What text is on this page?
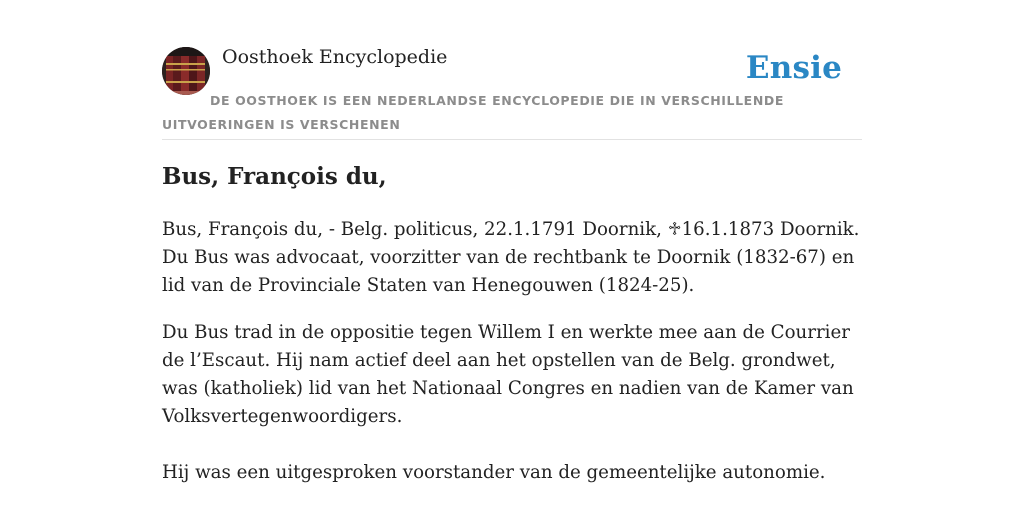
Oosthoek Encyclopedie	Ensie
DE OOSTHOEK IS EEN NEDERLANDSE ENCYCLOPEDIE DIE IN VERSCHILLENDE UITVOERINGEN IS VERSCHENEN
Bus, François du,

Bus, François du, - Belg. politicus, 22.1.1791 Doornik, ♱16.1.1873 Doornik. Du Bus was advocaat, voorzitter van de rechtbank te Doornik (1832-67) en lid van de Provinciale Staten van Henegouwen (1824-25).

Du Bus trad in de oppositie tegen Willem I en werkte mee aan de Courrier de l’Escaut. Hij nam actief deel aan het opstellen van de Belg. grondwet, was (katholiek) lid van het Nationaal Congres en nadien van de Kamer van Volksvertegenwoordigers.

Hij was een uitgesproken voorstander van de gemeentelijke autonomie.
